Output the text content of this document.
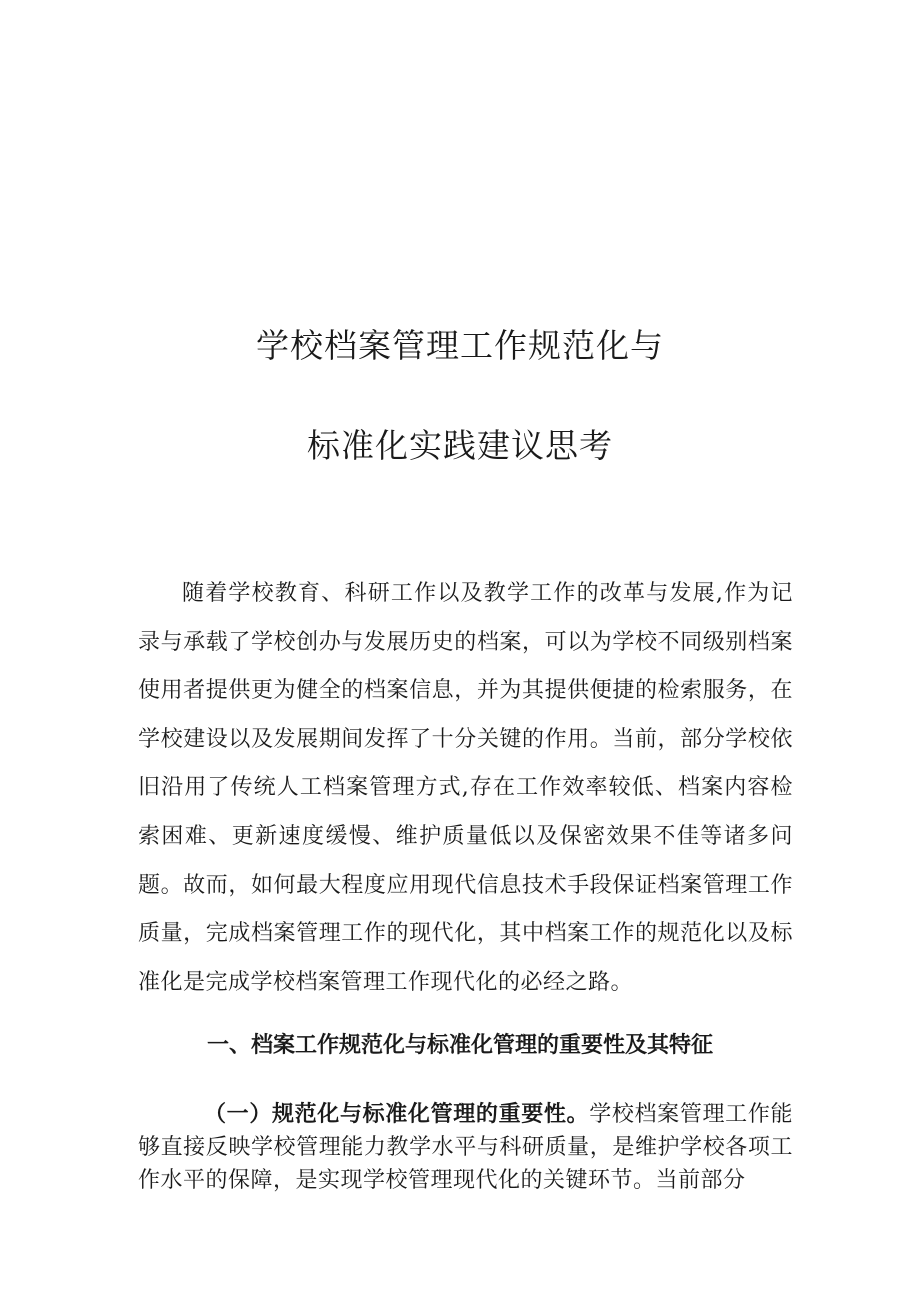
学校档案管理工作规范化与
标准化实践建议思考

随着学校教育、科研工作以及教学工作的改革与发展,作为记录与承载了学校创办与发展历史的档案，可以为学校不同级别档案使用者提供更为健全的档案信息，并为其提供便捷的检索服务，在学校建设以及发展期间发挥了十分关键的作用。当前，部分学校依旧沿用了传统人工档案管理方式,存在工作效率较低、档案内容检索困难、更新速度缓慢、维护质量低以及保密效果不佳等诸多问题。故而，如何最大程度应用现代信息技术手段保证档案管理工作质量，完成档案管理工作的现代化，其中档案工作的规范化以及标准化是完成学校档案管理工作现代化的必经之路。

一、档案工作规范化与标准化管理的重要性及其特征

（一）规范化与标准化管理的重要性。学校档案管理工作能够直接反映学校管理能力教学水平与科研质量，是维护学校各项工作水平的保障，是实现学校管理现代化的关键环节。当前部分
